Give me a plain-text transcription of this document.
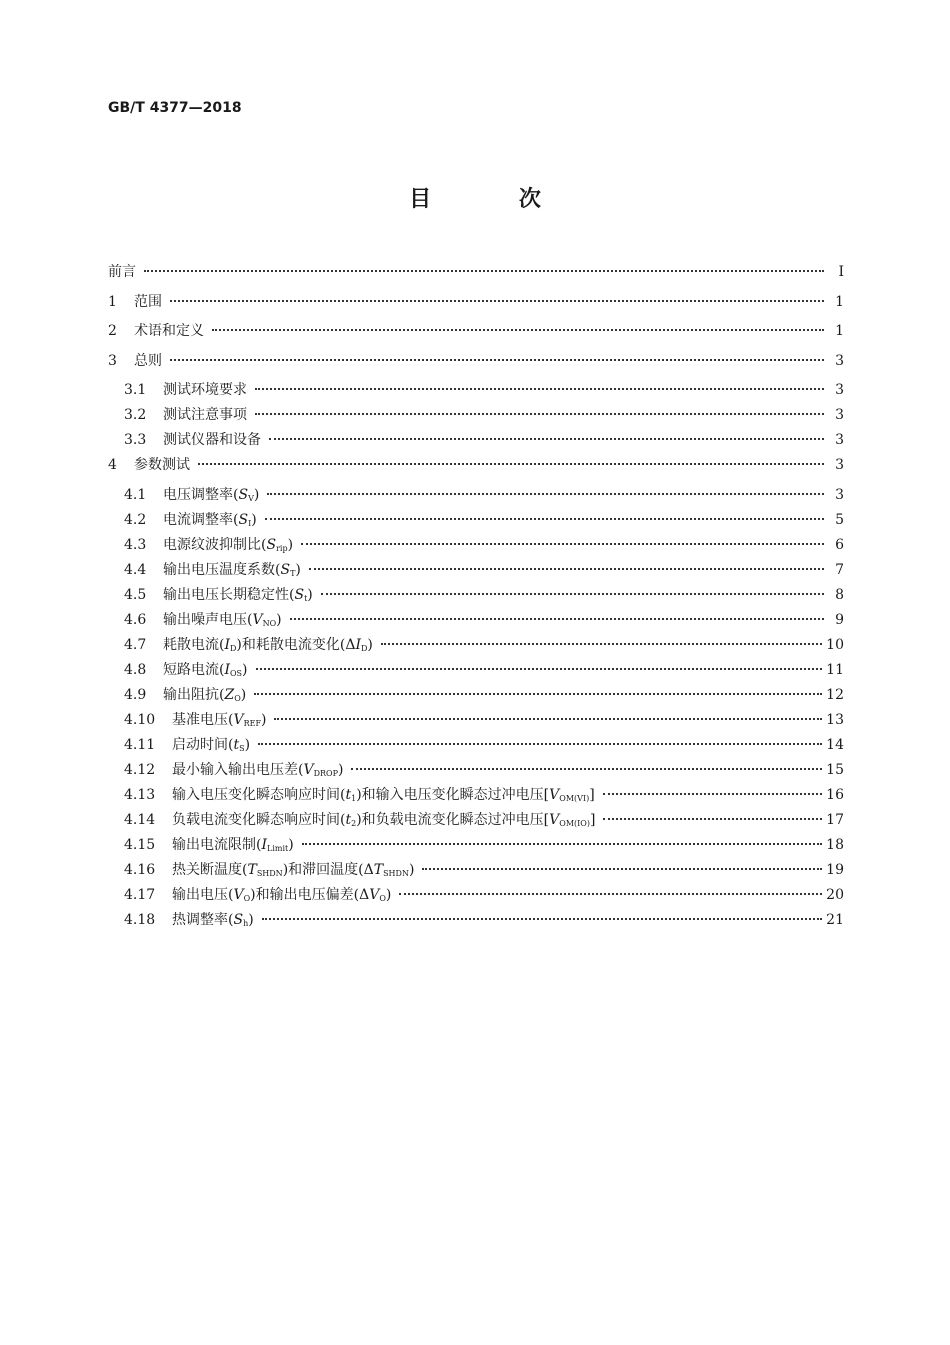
GB/T 4377—2018
目 次
前言	Ⅰ
1	范围	1
2	术语和定义	1
3	总则	3
3.1	测试环境要求	3
3.2	测试注意事项	3
3.3	测试仪器和设备	3
4	参数测试	3
4.1	电压调整率$(S_V)$	3
4.2	电流调整率$(S_I)$	5
4.3	电源纹波抑制比$(S_{rip})$	6
4.4	输出电压温度系数$(S_T)$	7
4.5	输出电压长期稳定性$(S_t)$	8
4.6	输出噪声电压$(V_{NO})$	9
4.7	耗散电流$(I_D)$和耗散电流变化$(\Delta I_D)$	10
4.8	短路电流$(I_{OS})$	11
4.9	输出阻抗$(Z_O)$	12
4.10	基准电压$(V_{REF})$	13
4.11	启动时间$(t_S)$	14
4.12	最小输入输出电压差$(V_{DROP})$	15
4.13	输入电压变化瞬态响应时间$(t_1)$和输入电压变化瞬态过冲电压$[V_{OM(VI)}]$	16
4.14	负载电流变化瞬态响应时间$(t_2)$和负载电流变化瞬态过冲电压$[V_{OM(IO)}]$	17
4.15	输出电流限制$(I_{Limit})$	18
4.16	热关断温度$(T_{SHDN})$和滞回温度$(\Delta T_{SHDN})$	19
4.17	输出电压$(V_O)$和输出电压偏差$(\Delta V_O)$	20
4.18	热调整率$(S_h)$	21
